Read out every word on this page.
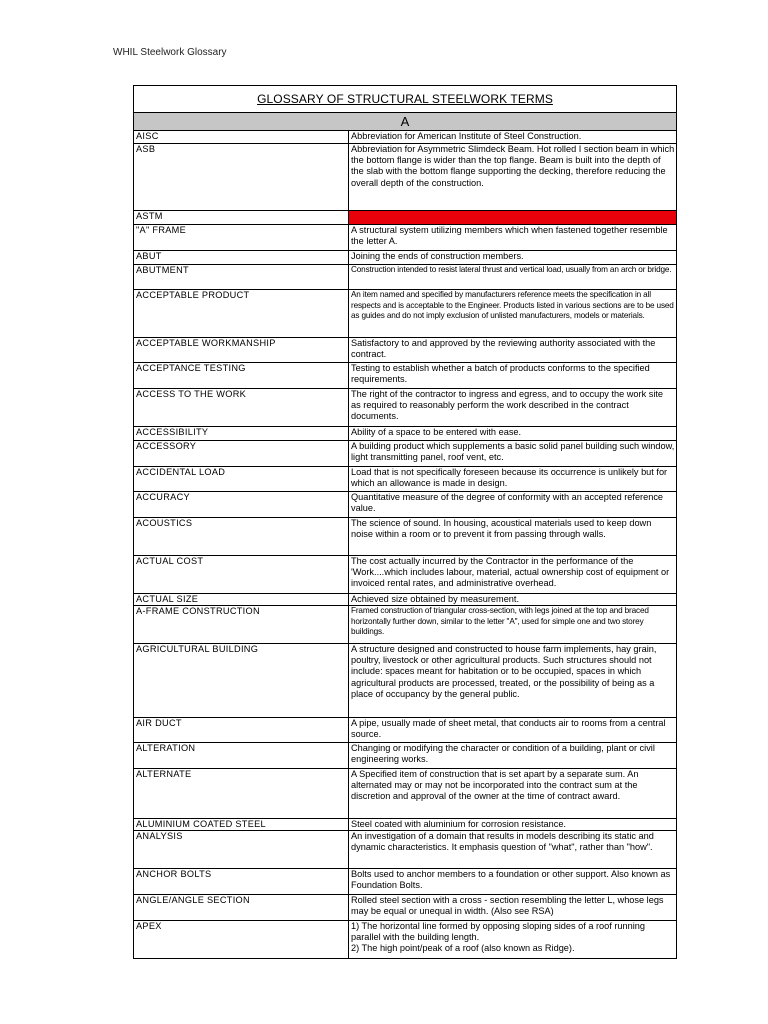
WHIL Steelwork Glossary
GLOSSARY OF STRUCTURAL STEELWORK TERMS
A
AISC	Abbreviation for American Institute of Steel Construction.
ASB	Abbreviation for Asymmetric Slimdeck Beam. Hot rolled I section beam in which the bottom flange is wider than the top flange. Beam is built into the depth of the slab with the bottom flange supporting the decking, therefore reducing the overall depth of the construction.
ASTM
"A" FRAME	A structural system utilizing members which when fastened together resemble the letter A.
ABUT	Joining the ends of construction members.
ABUTMENT	Construction intended to resist lateral thrust and vertical load, usually from an arch or bridge.
ACCEPTABLE PRODUCT	An item named and specified by manufacturers reference meets the specification in all respects and is acceptable to the Engineer. Products listed in various sections are to be used as guides and do not imply exclusion of unlisted manufacturers, models or materials.
ACCEPTABLE WORKMANSHIP	Satisfactory to and approved by the reviewing authority associated with the contract.
ACCEPTANCE TESTING	Testing to establish whether a batch of products conforms to the specified requirements.
ACCESS TO THE WORK	The right of the contractor to ingress and egress, and to occupy the work site as required to reasonably perform the work described in the contract documents.
ACCESSIBILITY	Ability of a space to be entered with ease.
ACCESSORY	A building product which supplements a basic solid panel building such window, light transmitting panel, roof vent, etc.
ACCIDENTAL LOAD	Load that is not specifically foreseen because its occurrence is unlikely but for which an allowance is made in design.
ACCURACY	Quantitative measure of the degree of conformity with an accepted reference value.
ACOUSTICS	The science of sound. In housing, acoustical materials used to keep down noise within a room or to prevent it from passing through walls.
ACTUAL COST	The cost actually incurred by the Contractor in the performance of the 'Work....which includes labour, material, actual ownership cost of equipment or invoiced rental rates, and administrative overhead.
ACTUAL SIZE	Achieved size obtained by measurement.
A-FRAME CONSTRUCTION	Framed construction of triangular cross-section, with legs joined at the top and braced horizontally further down, similar to the letter "A", used for simple one and two storey buildings.
AGRICULTURAL BUILDING	A structure designed and constructed to house farm implements, hay grain, poultry, livestock or other agricultural products. Such structures should not include: spaces meant for habitation or to be occupied, spaces in which agricultural products are processed, treated, or the possibility of being as a place of occupancy by the general public.
AIR DUCT	A pipe, usually made of sheet metal, that conducts air to rooms from a central source.
ALTERATION	Changing or modifying the character or condition of a building, plant or civil engineering works.
ALTERNATE	A Specified item of construction that is set apart by a separate sum. An alternated may or may not be incorporated into the contract sum at the discretion and approval of the owner at the time of contract award.
ALUMINIUM COATED STEEL	Steel coated with aluminium for corrosion resistance.
ANALYSIS	An investigation of a domain that results in models describing its static and dynamic characteristics. It emphasis question of "what", rather than "how".
ANCHOR BOLTS	Bolts used to anchor members to a foundation or other support. Also known as Foundation Bolts.
ANGLE/ANGLE SECTION	Rolled steel section with a cross - section resembling the letter L, whose legs may be equal or unequal in width. (Also see RSA)
APEX	1) The horizontal line formed by opposing sloping sides of a roof running parallel with the building length.
2) The high point/peak of a roof (also known as Ridge).
